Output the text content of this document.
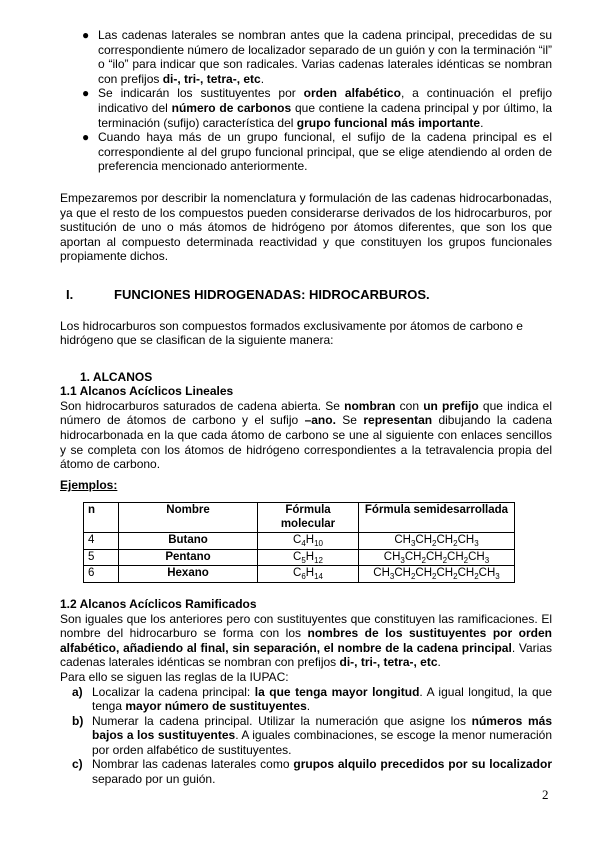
● Las cadenas laterales se nombran antes que la cadena principal, precedidas de su correspondiente número de localizador separado de un guión y con la terminación “il” o “ilo” para indicar que son radicales. Varias cadenas laterales idénticas se nombran con prefijos di-, tri-, tetra-, etc.
● Se indicarán los sustituyentes por orden alfabético, a continuación el prefijo indicativo del número de carbonos que contiene la cadena principal y por último, la terminación (sufijo) característica del grupo funcional más importante.
● Cuando haya más de un grupo funcional, el sufijo de la cadena principal es el correspondiente al del grupo funcional principal, que se elige atendiendo al orden de preferencia mencionado anteriormente.

Empezaremos por describir la nomenclatura y formulación de las cadenas hidrocarbonadas, ya que el resto de los compuestos pueden considerarse derivados de los hidrocarburos, por sustitución de uno o más átomos de hidrógeno por átomos diferentes, que son los que aportan al compuesto determinada reactividad y que constituyen los grupos funcionales propiamente dichos.

I.	FUNCIONES HIDROGENADAS: HIDROCARBUROS.

Los hidrocarburos son compuestos formados exclusivamente por átomos de carbono e hidrógeno que se clasifican de la siguiente manera:

1. ALCANOS
1.1 Alcanos Acíclicos Lineales

Son hidrocarburos saturados de cadena abierta. Se nombran con un prefijo que indica el número de átomos de carbono y el sufijo –ano. Se representan dibujando la cadena hidrocarbonada en la que cada átomo de carbono se une al siguiente con enlaces sencillos y se completa con los átomos de hidrógeno correspondientes a la tetravalencia propia del átomo de carbono.

Ejemplos:
n	Nombre	Fórmula molecular	Fórmula semidesarrollada
4	Butano	$C_4H_{10}$	$CH_3CH_2CH_2CH_3$
5	Pentano	$C_5H_{12}$	$CH_3CH_2CH_2CH_2CH_3$
6	Hexano	$C_6H_{14}$	$CH_3CH_2CH_2CH_2CH_2CH_3$
1.2 Alcanos Acíclicos Ramificados

Son iguales que los anteriores pero con sustituyentes que constituyen las ramificaciones. El nombre del hidrocarburo se forma con los nombres de los sustituyentes por orden alfabético, añadiendo al final, sin separación, el nombre de la cadena principal. Varias cadenas laterales idénticas se nombran con prefijos di-, tri-, tetra-, etc.

Para ello se siguen las reglas de la IUPAC:

a) Localizar la cadena principal: la que tenga mayor longitud. A igual longitud, la que tenga mayor número de sustituyentes.
b) Numerar la cadena principal. Utilizar la numeración que asigne los números más bajos a los sustituyentes. A iguales combinaciones, se escoge la menor numeración por orden alfabético de sustituyentes.
c) Nombrar las cadenas laterales como grupos alquilo precedidos por su localizador separado por un guión.
2
